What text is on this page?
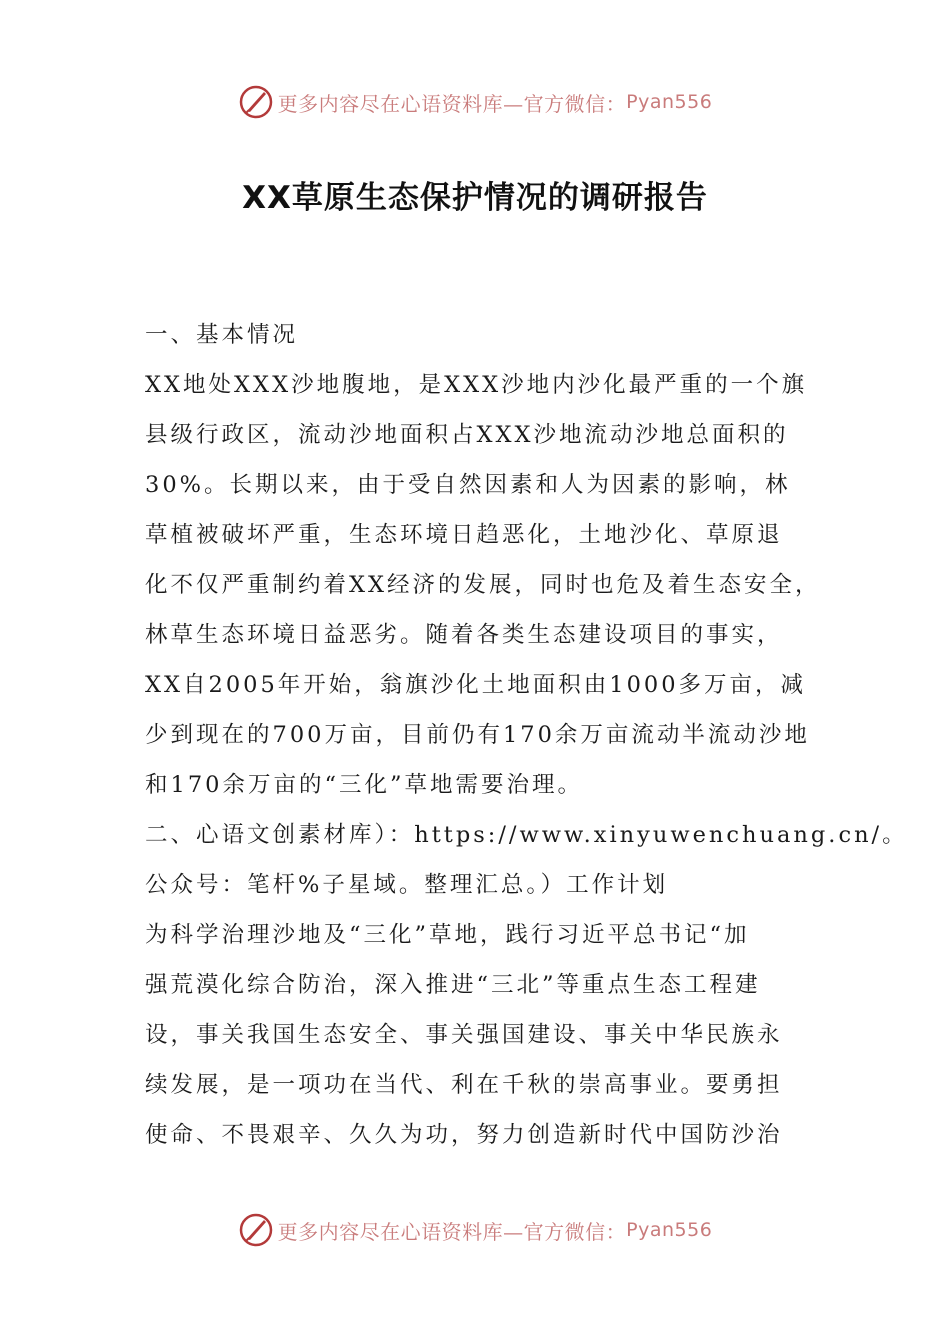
更多内容尽在心语资料库—官方微信： Pyan556
XX草原生态保护情况的调研报告
一、基本情况
XX地处XXX沙地腹地，是XXX沙地内沙化最严重的一个旗
县级行政区，流动沙地面积占XXX沙地流动沙地总面积的
30%。长期以来，由于受自然因素和人为因素的影响，林
草植被破坏严重，生态环境日趋恶化，土地沙化、草原退
化不仅严重制约着XX经济的发展，同时也危及着生态安全，
林草生态环境日益恶劣。随着各类生态建设项目的事实，
XX自2005年开始，翁旗沙化土地面积由1000多万亩，减
少到现在的700万亩，目前仍有170余万亩流动半流动沙地
和170余万亩的“三化”草地需要治理。
二、心语文创素材库）：https://www.xinyuwenchuang.cn/。
公众号：笔杆%子星域。整理汇总。）工作计划
为科学治理沙地及“三化”草地，践行习近平总书记“加
强荒漠化综合防治，深入推进“三北”等重点生态工程建
设，事关我国生态安全、事关强国建设、事关中华民族永
续发展，是一项功在当代、利在千秋的崇高事业。要勇担
使命、不畏艰辛、久久为功，努力创造新时代中国防沙治
更多内容尽在心语资料库—官方微信： Pyan556
